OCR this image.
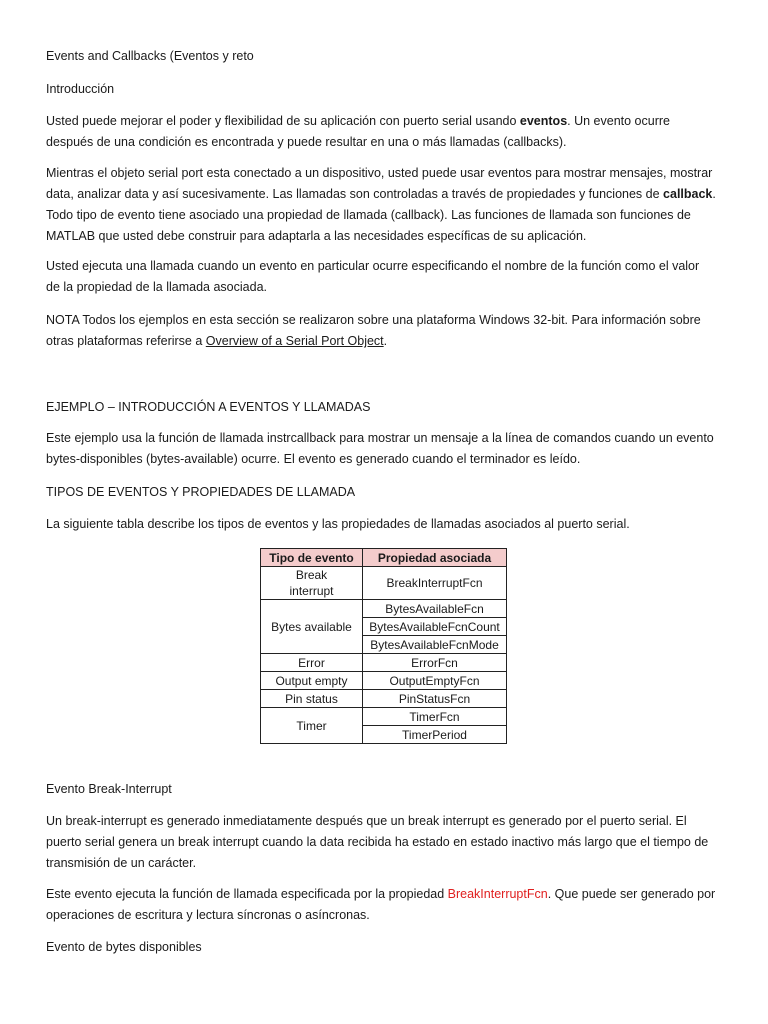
Events and Callbacks (Eventos y reto
Introducción
Usted puede mejorar el poder y flexibilidad de su aplicación con puerto serial usando eventos. Un evento ocurre
después de una condición es encontrada y puede resultar en una o más llamadas (callbacks).
Mientras el objeto serial port esta conectado a un dispositivo, usted puede usar eventos para mostrar mensajes, mostrar
data, analizar data y así sucesivamente. Las llamadas son controladas a través de propiedades y funciones de callback.
Todo tipo de evento tiene asociado una propiedad de llamada (callback). Las funciones de llamada son funciones de
MATLAB que usted debe construir para adaptarla a las necesidades específicas de su aplicación.
Usted ejecuta una llamada cuando un evento en particular ocurre especificando el nombre de la función como el valor
de la propiedad de la llamada asociada.
NOTA Todos los ejemplos en esta sección se realizaron sobre una plataforma Windows 32-bit. Para información sobre
otras plataformas referirse a Overview of a Serial Port Object.
EJEMPLO – INTRODUCCIÓN A EVENTOS Y LLAMADAS
Este ejemplo usa la función de llamada instrcallback para mostrar un mensaje a la línea de comandos cuando un evento
bytes-disponibles (bytes-available) ocurre. El evento es generado cuando el terminador es leído.
TIPOS DE EVENTOS Y PROPIEDADES DE LLAMADA
La siguiente tabla describe los tipos de eventos y las propiedades de llamadas asociados al puerto serial.
Tipo de evento	Propiedad asociada

Break
interrupt	BreakInterruptFcn
Bytes available	BytesAvailableFcn
	BytesAvailableFcnCount
	BytesAvailableFcnMode
Error	ErrorFcn
Output empty	OutputEmptyFcn
Pin status	PinStatusFcn
Timer	TimerFcn
	TimerPeriod
Evento Break-Interrupt
Un break-interrupt es generado inmediatamente después que un break interrupt es generado por el puerto serial. El
puerto serial genera un break interrupt cuando la data recibida ha estado en estado inactivo más largo que el tiempo de
transmisión de un carácter.
Este evento ejecuta la función de llamada especificada por la propiedad BreakInterruptFcn. Que puede ser generado por
operaciones de escritura y lectura síncronas o asíncronas.
Evento de bytes disponibles
